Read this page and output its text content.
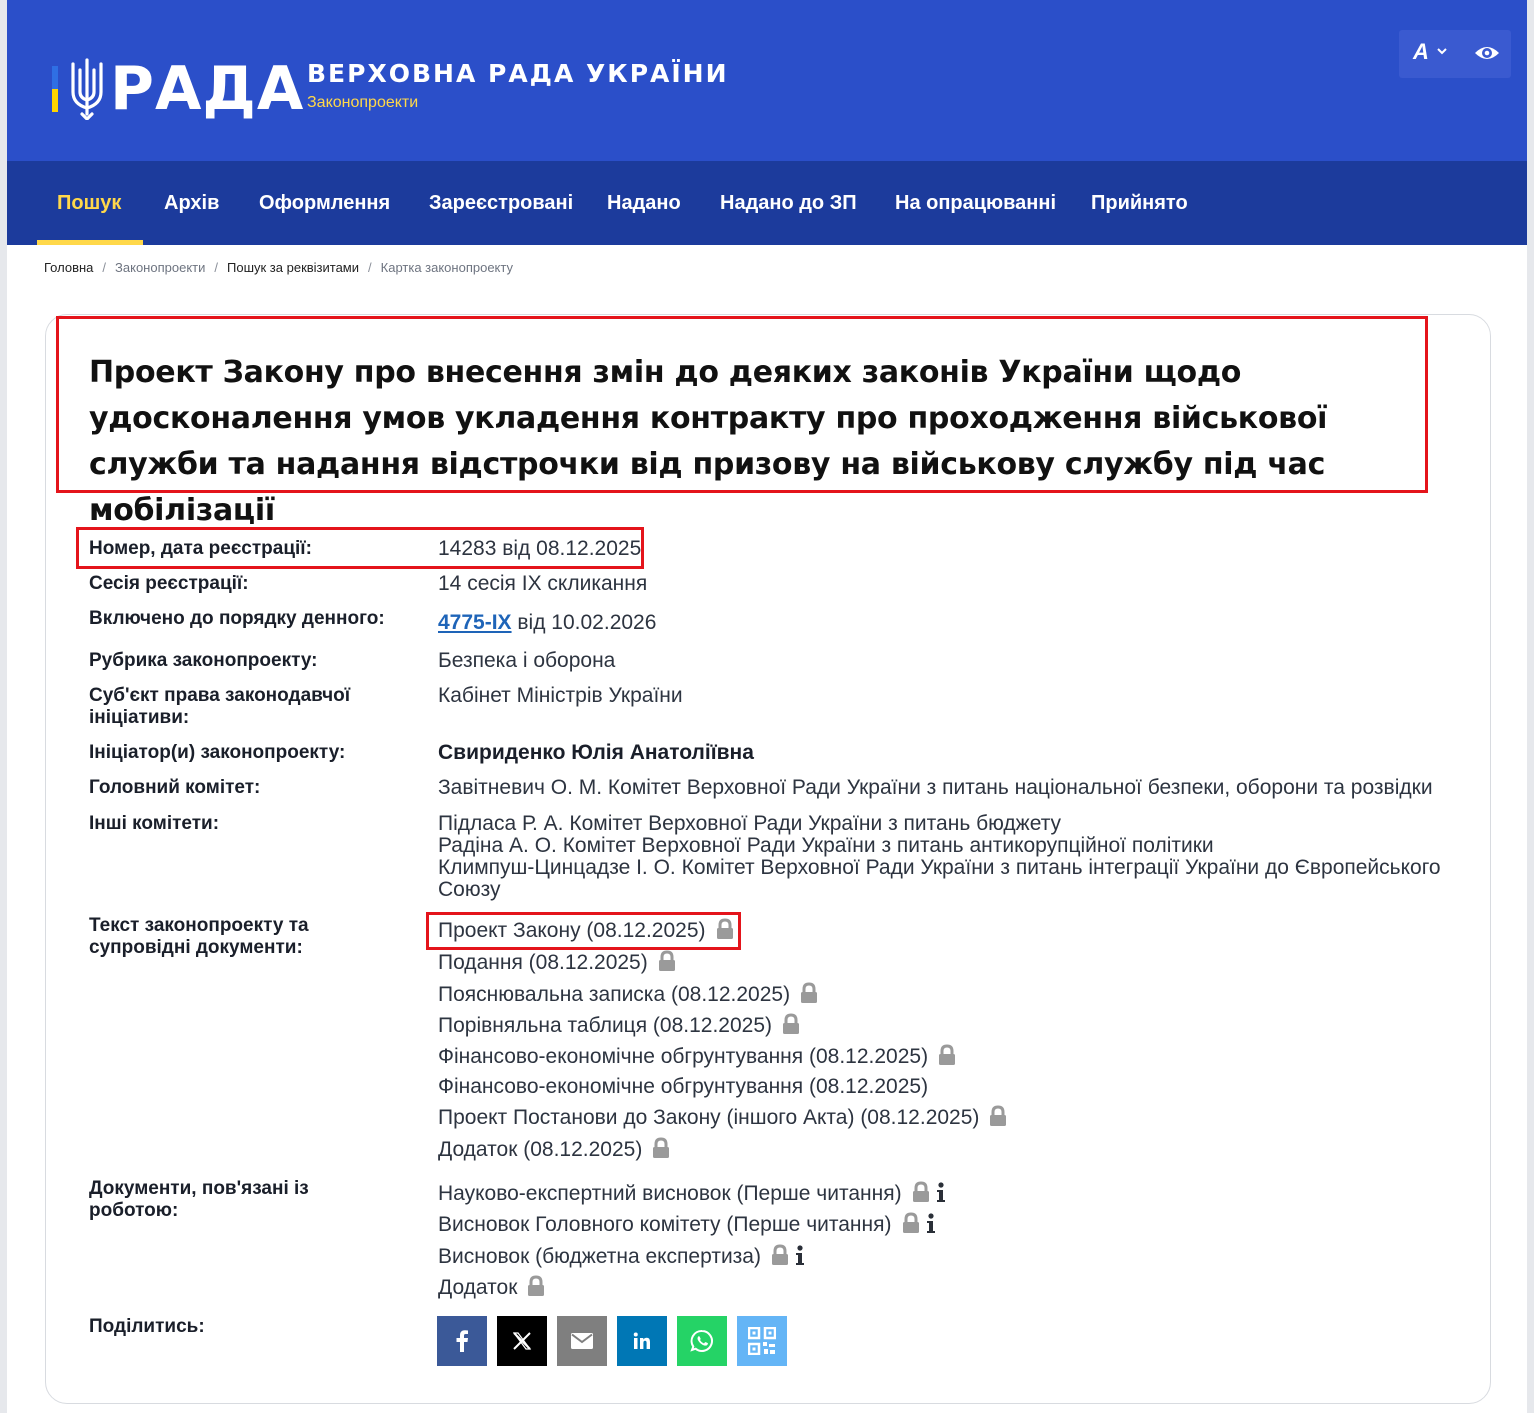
РАДА ВЕРХОВНА РАДА УКРАЇНИ
Законопроекти
A
Пошук Архів Оформлення Зареєстровані Надано Надано до ЗП На опрацюванні Прийнято
Головна / Законопроекти / Пошук за реквізитами / Картка законопроекту
Проект Закону про внесення змін до деяких законів України щодо удосконалення умов укладення контракту про проходження військової служби та надання відстрочки від призову на військову службу під час мобілізації
Номер, дата реєстрації:	14283 від 08.12.2025
Сесія реєстрації:	14 сесія IX скликання
Включено до порядку денного:	4775-IX від 10.02.2026
Рубрика законопроекту:	Безпека і оборона
Суб'єкт права законодавчої ініціативи:
Кабінет Міністрів України
Ініціатор(и) законопроекту:	Свириденко Юлія Анатоліївна
Головний комітет:	Завітневич О. М. Комітет Верховної Ради України з питань національної безпеки, оборони та розвідки
Інші комітети:	Підласа Р. А. Комітет Верховної Ради України з питань бюджету
Радіна А. О. Комітет Верховної Ради України з питань антикорупційної політики
Климпуш-Цинцадзе І. О. Комітет Верховної Ради України з питань інтеграції України до Європейського
Союзу
Текст законопроекту та супровідні документи:
Проект Закону (08.12.2025)
Подання (08.12.2025)
Пояснювальна записка (08.12.2025)
Порівняльна таблиця (08.12.2025)
Фінансово-економічне обгрунтування (08.12.2025)
Фінансово-економічне обгрунтування (08.12.2025)
Проект Постанови до Закону (іншого Акта) (08.12.2025)
Додаток (08.12.2025)
Документи, пов'язані із роботою:
Науково-експертний висновок (Перше читання)
Висновок Головного комітету (Перше читання)
Висновок (бюджетна експертиза)
Додаток
Поділитись:
